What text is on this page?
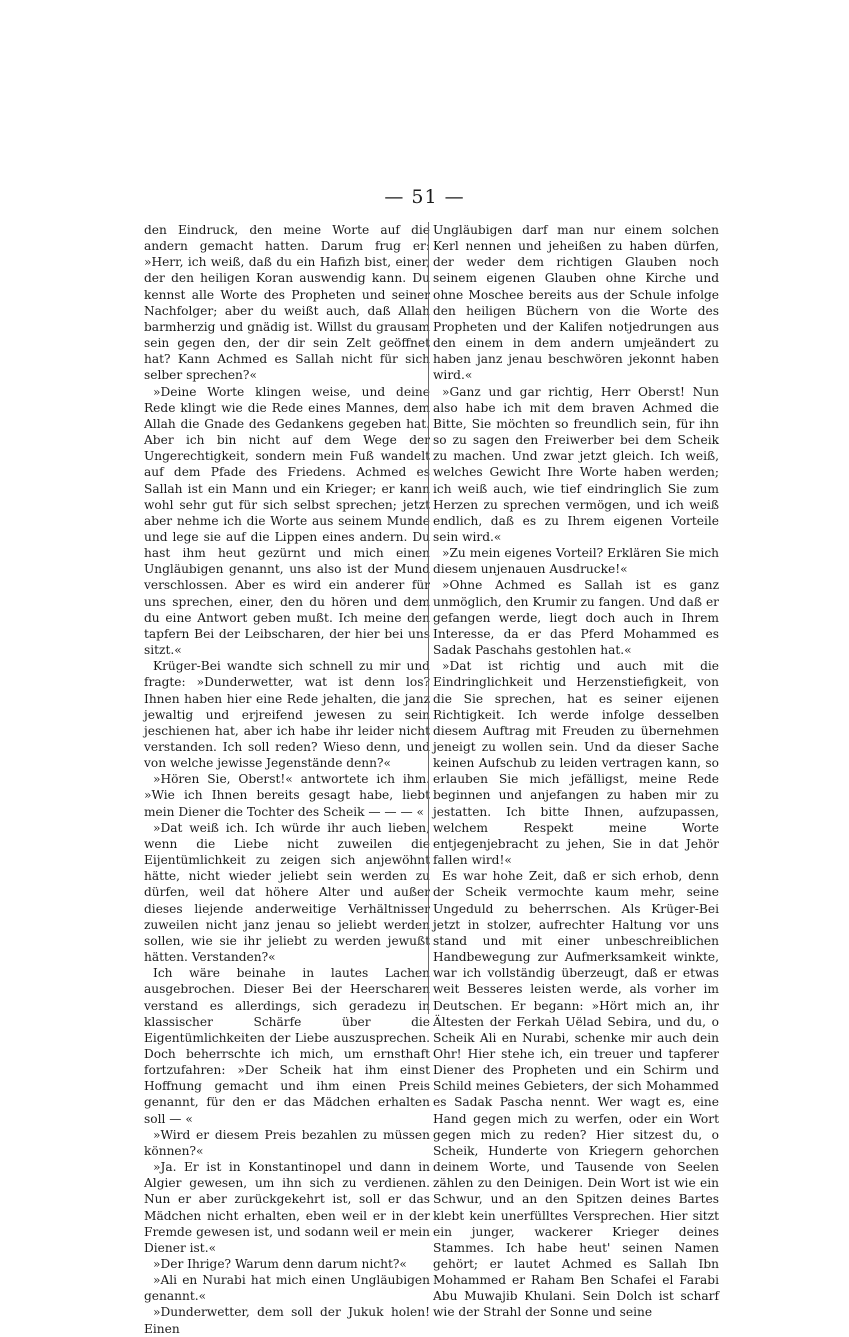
— 51 —

den Eindruck, den meine Worte auf die andern gemacht hatten. Darum frug er: »Herr, ich weiß, daß du ein Hafizh bist, einer, der den heiligen Koran auswendig kann. Du kennst alle Worte des Propheten und seiner Nachfolger; aber du weißt auch, daß Allah barmherzig und gnädig ist. Willst du grausam sein gegen den, der dir sein Zelt geöffnet hat? Kann Achmed es Sallah nicht für sich selber sprechen?«

»Deine Worte klingen weise, und deine Rede klingt wie die Rede eines Mannes, dem Allah die Gnade des Gedankens gegeben hat. Aber ich bin nicht auf dem Wege der Ungerechtigkeit, sondern mein Fuß wandelt auf dem Pfade des Friedens. Achmed es Sallah ist ein Mann und ein Krieger; er kann wohl sehr gut für sich selbst sprechen; jetzt aber nehme ich die Worte aus seinem Munde und lege sie auf die Lippen eines andern. Du hast ihm heut gezürnt und mich einen Ungläubigen genannt, uns also ist der Mund verschlossen. Aber es wird ein anderer für uns sprechen, einer, den du hören und dem du eine Antwort geben mußt. Ich meine den tapfern Bei der Leibscharen, der hier bei uns sitzt.«

Krüger-Bei wandte sich schnell zu mir und fragte: »Dunderwetter, wat ist denn los? Ihnen haben hier eine Rede jehalten, die janz jewaltig und erjreifend jewesen zu sein jeschienen hat, aber ich habe ihr leider nicht verstanden. Ich soll reden? Wieso denn, und von welche jewisse Jegenstände denn?«

»Hören Sie, Oberst!« antwortete ich ihm. »Wie ich Ihnen bereits gesagt habe, liebt mein Diener die Tochter des Scheik — — — «

»Dat weiß ich. Ich würde ihr auch lieben, wenn die Liebe nicht zuweilen die Eijentümlichkeit zu zeigen sich anjewöhnt hätte, nicht wieder jeliebt sein werden zu dürfen, weil dat höhere Alter und außer dieses liejende anderweitige Verhältnisser zuweilen nicht janz jenau so jeliebt werden sollen, wie sie ihr jeliebt zu werden jewußt hätten. Verstanden?«

Ich wäre beinahe in lautes Lachen ausgebrochen. Dieser Bei der Heerscharen verstand es allerdings, sich geradezu in klassischer Schärfe über die Eigentümlichkeiten der Liebe auszusprechen. Doch beherrschte ich mich, um ernsthaft fortzufahren: »Der Scheik hat ihm einst Hoffnung gemacht und ihm einen Preis genannt, für den er das Mädchen erhalten soll — «

»Wird er diesem Preis bezahlen zu müssen können?«

»Ja. Er ist in Konstantinopel und dann in Algier gewesen, um ihn sich zu verdienen. Nun er aber zurückgekehrt ist, soll er das Mädchen nicht erhalten, eben weil er in der Fremde gewesen ist, und sodann weil er mein Diener ist.«

»Der Ihrige? Warum denn darum nicht?«

»Ali en Nurabi hat mich einen Ungläubigen genannt.«

»Dunderwetter, dem soll der Jukuk holen! Einen

Ungläubigen darf man nur einem solchen Kerl nennen und jeheißen zu haben dürfen, der weder dem richtigen Glauben noch seinem eigenen Glauben ohne Kirche und ohne Moschee bereits aus der Schule infolge den heiligen Büchern von die Worte des Propheten und der Kalifen notjedrungen aus den einem in dem andern umjeändert zu haben janz jenau beschwören jekonnt haben wird.«

»Ganz und gar richtig, Herr Oberst! Nun also habe ich mit dem braven Achmed die Bitte, Sie möchten so freundlich sein, für ihn so zu sagen den Freiwerber bei dem Scheik zu machen. Und zwar jetzt gleich. Ich weiß, welches Gewicht Ihre Worte haben werden; ich weiß auch, wie tief eindringlich Sie zum Herzen zu sprechen vermögen, und ich weiß endlich, daß es zu Ihrem eigenen Vorteile sein wird.«

»Zu mein eigenes Vorteil? Erklären Sie mich diesem unjenauen Ausdrucke!«

»Ohne Achmed es Sallah ist es ganz unmöglich, den Krumir zu fangen. Und daß er gefangen werde, liegt doch auch in Ihrem Interesse, da er das Pferd Mohammed es Sadak Paschahs gestohlen hat.«

»Dat ist richtig und auch mit die Eindringlichkeit und Herzenstiefigkeit, von die Sie sprechen, hat es seiner eijenen Richtigkeit. Ich werde infolge desselben diesem Auftrag mit Freuden zu übernehmen jeneigt zu wollen sein. Und da dieser Sache keinen Aufschub zu leiden vertragen kann, so erlauben Sie mich jefälligst, meine Rede beginnen und anjefangen zu haben mir zu jestatten. Ich bitte Ihnen, aufzupassen, welchem Respekt meine Worte entjegenjebracht zu jehen, Sie in dat Jehör fallen wird!«

Es war hohe Zeit, daß er sich erhob, denn der Scheik vermochte kaum mehr, seine Ungeduld zu beherrschen. Als Krüger-Bei jetzt in stolzer, aufrechter Haltung vor uns stand und mit einer unbeschreiblichen Handbewegung zur Aufmerksamkeit winkte, war ich vollständig überzeugt, daß er etwas weit Besseres leisten werde, als vorher im Deutschen. Er begann: »Hört mich an, ihr Ältesten der Ferkah Uëlad Sebira, und du, o Scheik Ali en Nurabi, schenke mir auch dein Ohr! Hier stehe ich, ein treuer und tapferer Diener des Propheten und ein Schirm und Schild meines Gebieters, der sich Mohammed es Sadak Pascha nennt. Wer wagt es, eine Hand gegen mich zu werfen, oder ein Wort gegen mich zu reden? Hier sitzest du, o Scheik, Hunderte von Kriegern gehorchen deinem Worte, und Tausende von Seelen zählen zu den Deinigen. Dein Wort ist wie ein Schwur, und an den Spitzen deines Bartes klebt kein unerfülltes Versprechen. Hier sitzt ein junger, wackerer Krieger deines Stammes. Ich habe heut' seinen Namen gehört; er lautet Achmed es Sallah Ibn Mohammed er Raham Ben Schafei el Farabi Abu Muwajib Khulani. Sein Dolch ist scharf wie der Strahl der Sonne und seine
